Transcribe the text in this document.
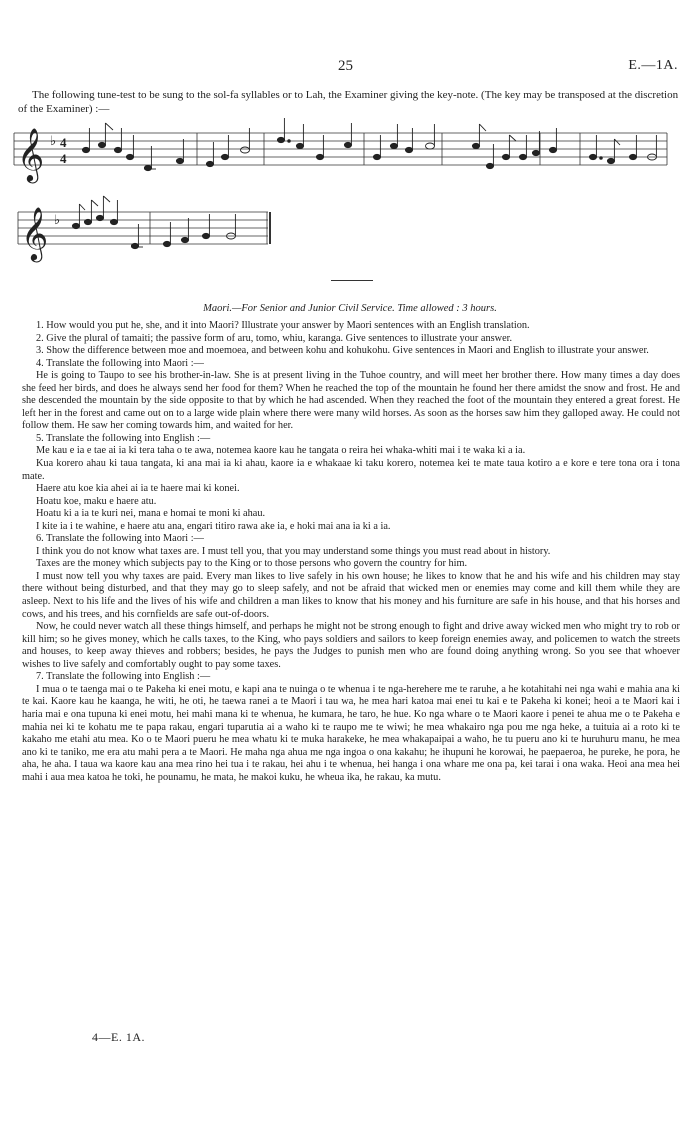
25	E.—1A.

The following tune-test to be sung to the sol-fa syllables or to Lah, the Examiner giving the key-note. (The key may be transposed at the discretion of the Examiner) :—

𝄞
𝄞
♭
♭
4
4

Maori.—For Senior and Junior Civil Service. Time allowed : 3 hours.

1. How would you put he, she, and it into Maori? Illustrate your answer by Maori sentences with an English translation.

2. Give the plural of tamaiti; the passive form of aru, tomo, whiu, karanga. Give sentences to illustrate your answer.

3. Show the difference between moe and moemoea, and between kohu and kohukohu. Give sentences in Maori and English to illustrate your answer.

4. Translate the following into Maori :—

He is going to Taupo to see his brother-in-law. She is at present living in the Tuhoe country, and will meet her brother there. How many times a day does she feed her birds, and does he always send her food for them? When he reached the top of the mountain he found her there amidst the snow and frost. He and she descended the mountain by the side opposite to that by which he had ascended. When they reached the foot of the mountain they entered a great forest. He left her in the forest and came out on to a large wide plain where there were many wild horses. As soon as the horses saw him they galloped away. He could not follow them. He saw her coming towards him, and waited for her.

5. Translate the following into English :—

Me kau e ia e tae ai ia ki tera taha o te awa, notemea kaore kau he tangata o reira hei whaka-whiti mai i te waka ki a ia.

Kua korero ahau ki taua tangata, ki ana mai ia ki ahau, kaore ia e whakaae ki taku korero, notemea kei te mate taua kotiro a e kore e tere tona ora i tona mate.

Haere atu koe kia ahei ai ia te haere mai ki konei.

Hoatu koe, maku e haere atu.

Hoatu ki a ia te kuri nei, mana e homai te moni ki ahau.

I kite ia i te wahine, e haere atu ana, engari titiro rawa ake ia, e hoki mai ana ia ki a ia.

6. Translate the following into Maori :—

I think you do not know what taxes are. I must tell you, that you may understand some things you must read about in history.

Taxes are the money which subjects pay to the King or to those persons who govern the country for him.

I must now tell you why taxes are paid. Every man likes to live safely in his own house; he likes to know that he and his wife and his children may stay there without being disturbed, and that they may go to sleep safely, and not be afraid that wicked men or enemies may come and kill them while they are asleep. Next to his life and the lives of his wife and children a man likes to know that his money and his furniture are safe in his house, and that his horses and cows, and his trees, and his cornfields are safe out-of-doors.

Now, he could never watch all these things himself, and perhaps he might not be strong enough to fight and drive away wicked men who might try to rob or kill him; so he gives money, which he calls taxes, to the King, who pays soldiers and sailors to keep foreign enemies away, and policemen to watch the streets and houses, to keep away thieves and robbers; besides, he pays the Judges to punish men who are found doing anything wrong. So you see that whoever wishes to live safely and comfortably ought to pay some taxes.

7. Translate the following into English :—

I mua o te taenga mai o te Pakeha ki enei motu, e kapi ana te nuinga o te whenua i te nga-herehere me te raruhe, a he kotahitahi nei nga wahi e mahia ana ki te kai. Kaore kau he kaanga, he witi, he oti, he taewa ranei a te Maori i tau wa, he mea hari katoa mai enei tu kai e te Pakeha ki konei; heoi a te Maori kai i haria mai e ona tupuna ki enei motu, hei mahi mana ki te whenua, he kumara, he taro, he hue. Ko nga whare o te Maori kaore i penei te ahua me o te Pakeha e mahia nei ki te kohatu me te papa rakau, engari tuparutia ai a waho ki te raupo me te wiwi; he mea whakairo nga pou me nga heke, a tuituia ai a roto ki te kakaho me etahi atu mea. Ko o te Maori pueru he mea whatu ki te muka harakeke, he mea whakapaipai a waho, he tu pueru ano ki te huruhuru manu, he mea ano ki te taniko, me era atu mahi pera a te Maori. He maha nga ahua me nga ingoa o ona kakahu; he ihupuni he korowai, he paepaeroa, he pureke, he pora, he aha, he aha. I taua wa kaore kau ana mea rino hei tua i te rakau, hei ahu i te whenua, hei hanga i ona whare me ona pa, kei tarai i ona waka. Heoi ana mea hei mahi i aua mea katoa he toki, he pounamu, he mata, he makoi kuku, he wheua ika, he rakau, ka mutu.

4—E. 1A.
